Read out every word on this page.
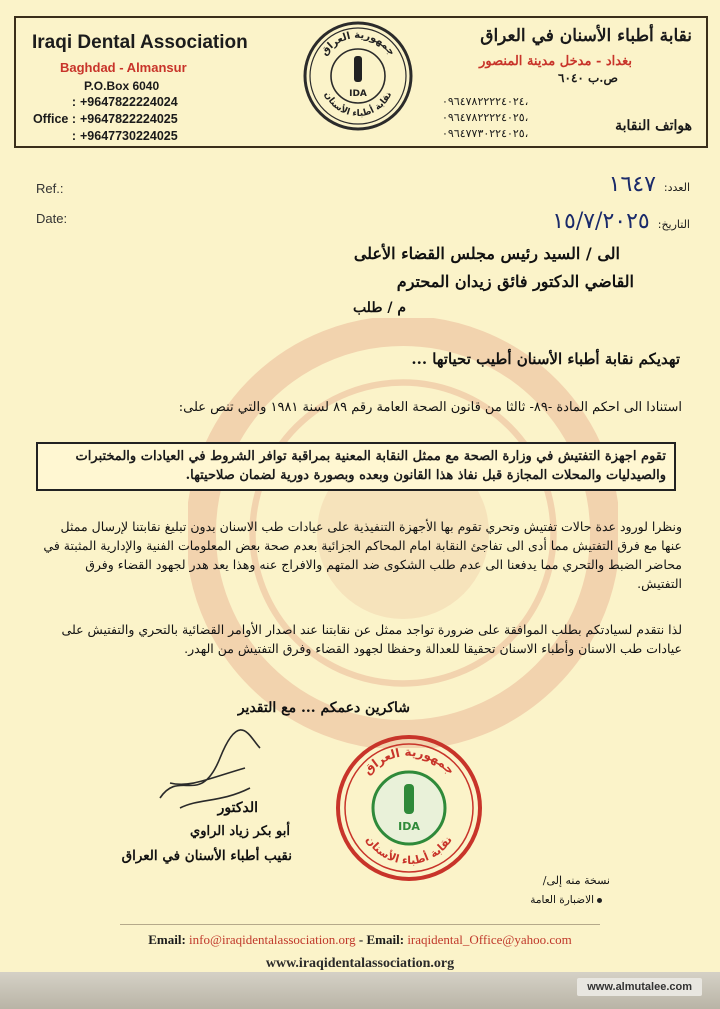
Iraqi Dental Association
Baghdad - Almansur
P.O.Box 6040
: +9647822224024
Office : +9647822224025
: +9647730224025
جمهورية العراق
نقابة أطباء الأسنان
IDA
نقابة أطباء الأسنان في العراق
بغداد - مدخل مدينة المنصور
ص.ب ٦٠٤٠
٠٩٦٤٧٨٢٢٢٢٤٠٢٤،
٠٩٦٤٧٨٢٢٢٢٤٠٢٥،
٠٩٦٤٧٧٣٠٢٢٤٠٢٥،	هواتف النقابة
Ref.:
Date:
العدد:١٦٤٧
التاريخ:١٥/٧/٢٠٢٥
الى / السيد رئيس مجلس القضاء الأعلى
القاضي الدكتور فائق زيدان المحترم
م / طلب
تهديكم نقابة أطباء الأسنان أطيب تحياتها ...
استنادا الى احكم المادة -٨٩- ثالثا من قانون الصحة العامة رقم ٨٩ لسنة ١٩٨١ والتي تنص على:
تقوم اجهزة التفتيش في وزارة الصحة مع ممثل النقابة المعنية بمراقبة توافر الشروط في العيادات والمختبرات والصيدليات والمحلات المجازة قبل نفاذ هذا القانون وبعده وبصورة دورية لضمان صلاحيتها.
ونظرا لورود عدة حالات تفتيش وتحري تقوم بها الأجهزة التنفيذية على عيادات طب الاسنان بدون تبليغ نقابتنا لإرسال ممثل عنها مع فرق التفتيش مما أدى الى تفاجئ النقابة امام المحاكم الجزائية بعدم صحة بعض المعلومات الفنية والإدارية المثبتة في محاضر الضبط والتحري مما يدفعنا الى عدم طلب الشكوى ضد المتهم والافراج عنه وهذا يعد هدر لجهود القضاء وفرق التفتيش.
لذا نتقدم لسيادتكم بطلب الموافقة على ضرورة تواجد ممثل عن نقابتنا عند اصدار الأوامر القضائية بالتحري والتفتيش على عيادات طب الاسنان وأطباء الاسنان تحقيقا للعدالة وحفظا لجهود القضاء وفرق التفتيش من الهدر.
شاكرين دعمكم ... مع التقدير
الدكتور
أبو بكر زياد الراوي
نقيب أطباء الأسنان في العراق
جمهورية العراق
نقابة أطباء الأسنان
IDA
نسخة منه إلى/
الاضبارة العامة
Email: info@iraqidentalassociation.org - Email: iraqidental_Office@yahoo.com
www.iraqidentalassociation.org
www.almutalee.com
